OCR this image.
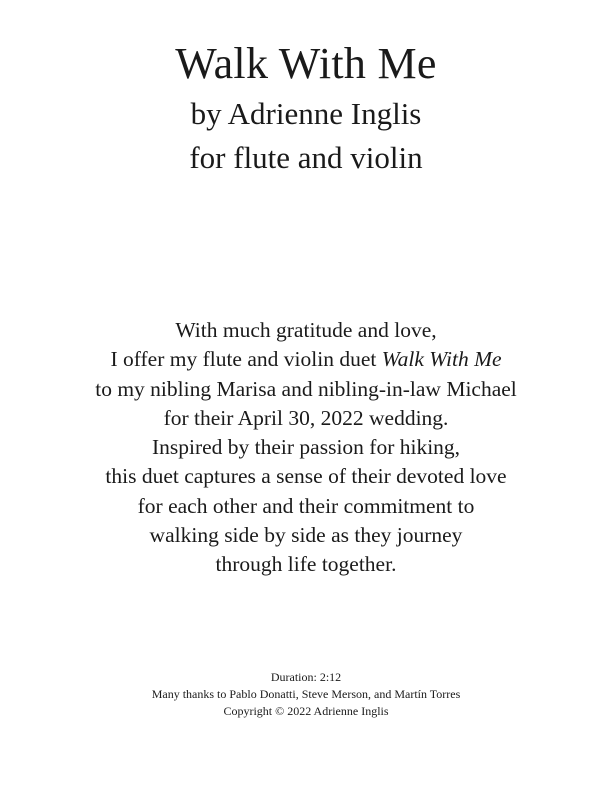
Walk With Me
by Adrienne Inglis
for flute and violin
With much gratitude and love,
I offer my flute and violin duet Walk With Me
to my nibling Marisa and nibling-in-law Michael
for their April 30, 2022 wedding.
Inspired by their passion for hiking,
this duet captures a sense of their devoted love
for each other and their commitment to
walking side by side as they journey
through life together.
Duration: 2:12
Many thanks to Pablo Donatti, Steve Merson, and Martín Torres
Copyright © 2022 Adrienne Inglis
